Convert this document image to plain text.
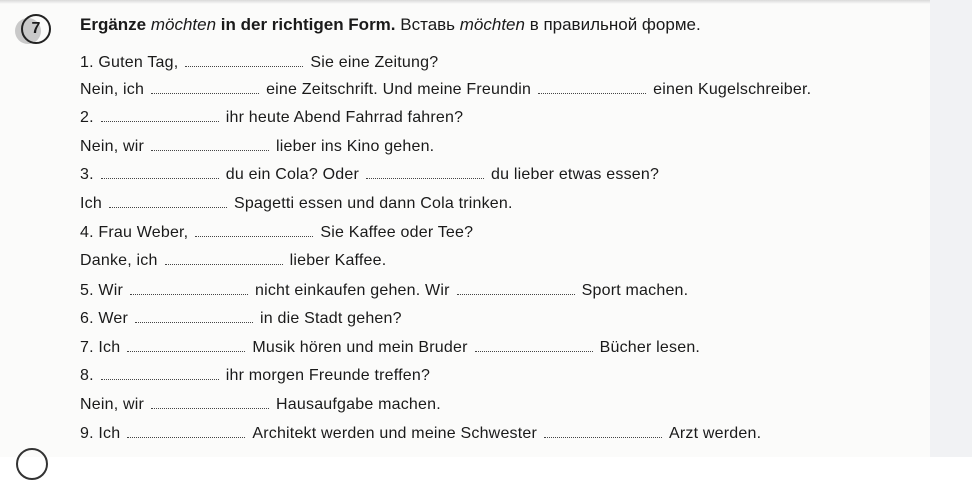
7	Ergänze möchten in der richtigen Form. Вставь möchten в правильной форме.
1. Guten Tag,	Sie eine Zeitung?
Nein, ich	eine Zeitschrift. Und meine Freundin	einen Kugelschreiber.
2.	ihr heute Abend Fahrrad fahren?
Nein, wir	lieber ins Kino gehen.
3.	du ein Cola? Oder	du lieber etwas essen?
Ich	Spagetti essen und dann Cola trinken.
4. Frau Weber,	Sie Kaffee oder Tee?
Danke, ich	lieber Kaffee.
5. Wir	nicht einkaufen gehen. Wir	Sport machen.
6. Wer	in die Stadt gehen?
7. Ich	Musik hören und mein Bruder	Bücher lesen.
8.	ihr morgen Freunde treffen?
Nein, wir	Hausaufgabe machen.
9. Ich	Architekt werden und meine Schwester	Arzt werden.
